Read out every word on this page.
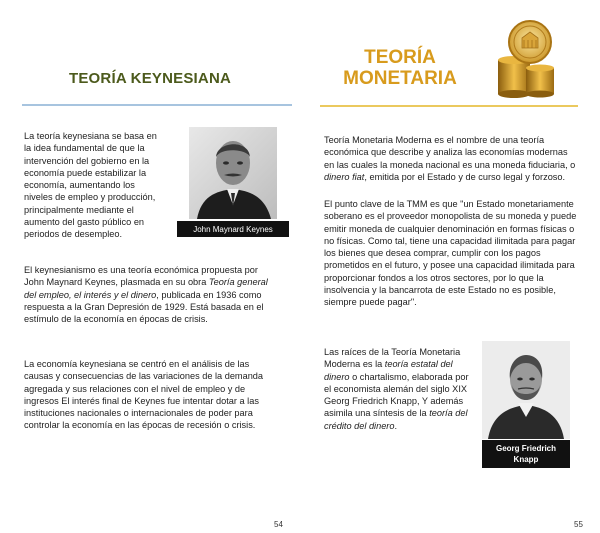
TEORÍA KEYNESIANA
La teoría keynesiana se basa en
la idea fundamental de que la
intervención del gobierno en la
economía puede estabilizar la
economía, aumentando los
niveles de empleo y producción,
principalmente mediante el
aumento del gasto público en
periodos de desempleo.
John Maynard Keynes

El keynesianismo es una teoría económica propuesta por John Maynard Keynes, plasmada en su obra Teoría general del empleo, el interés y el dinero, publicada en 1936 como respuesta a la Gran Depresión de 1929. Está basada en el estímulo de la economía en épocas de crisis.

La economía keynesiana se centró en el análisis de las causas y consecuencias de las variaciones de la demanda agregada y sus relaciones con el nivel de empleo y de ingresos El interés final de Keynes fue intentar dotar a las instituciones nacionales o internacionales de poder para controlar la economía en las épocas de recesión o crisis.

54
TEORÍA
MONETARIA

Teoría Monetaria Moderna es el nombre de una teoría económica que describe y analiza las economías modernas en las cuales la moneda nacional es una moneda fiduciaria, o dinero fiat, emitida por el Estado y de curso legal y forzoso.

El punto clave de la TMM es que "un Estado monetariamente soberano es el proveedor monopolista de su moneda y puede emitir moneda de cualquier denominación en formas físicas o no físicas. Como tal, tiene una capacidad ilimitada para pagar los bienes que desea comprar, cumplir con los pagos prometidos en el futuro, y posee una capacidad ilimitada para proporcionar fondos a los otros sectores, por lo que la insolvencia y la bancarrota de este Estado no es posible, siempre puede pagar".

Las raíces de la Teoría Monetaria Moderna es la teoría estatal del dinero o chartalismo, elaborada por el economista alemán del siglo XIX Georg Friedrich Knapp, Y además asimila una síntesis de la teoría del crédito del dinero.

Georg Friedrich
Knapp
55
